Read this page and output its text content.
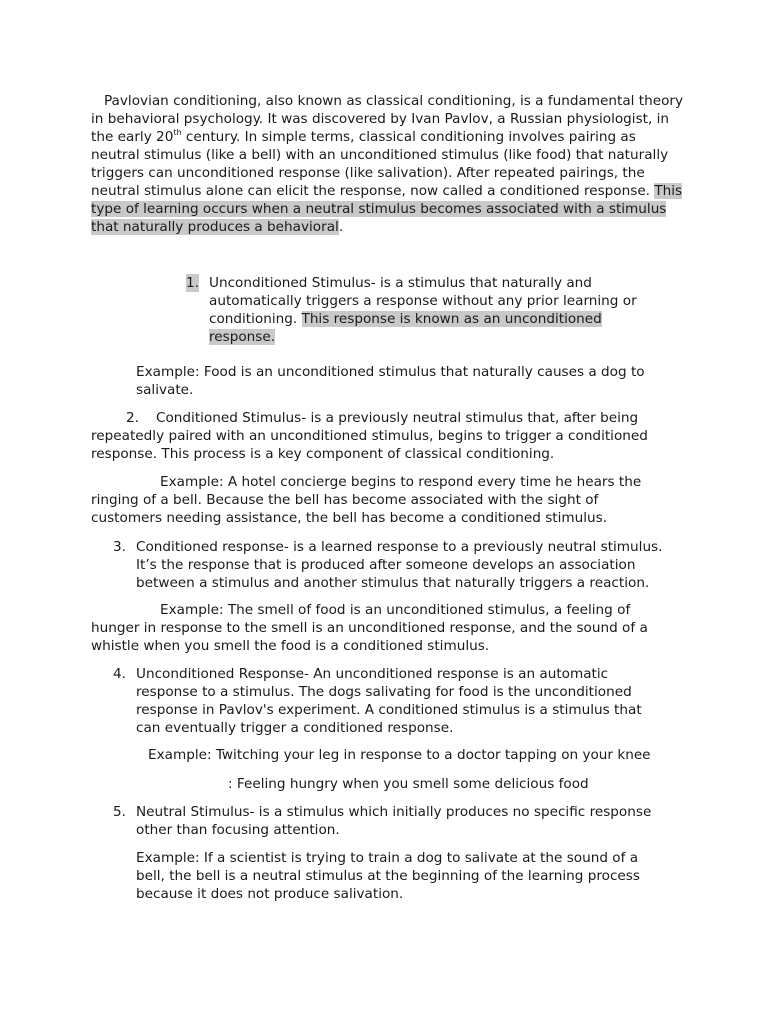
Pavlovian conditioning, also known as classical conditioning, is a fundamental theory in behavioral psychology. It was discovered by Ivan Pavlov, a Russian physiologist, in the early 20th century. In simple terms, classical conditioning involves pairing as neutral stimulus (like a bell) with an unconditioned stimulus (like food) that naturally triggers can unconditioned response (like salivation). After repeated pairings, the neutral stimulus alone can elicit the response, now called a conditioned response. This type of learning occurs when a neutral stimulus becomes associated with a stimulus that naturally produces a behavioral.

1. Unconditioned Stimulus- is a stimulus that naturally and automatically triggers a response without any prior learning or conditioning. This response is known as an unconditioned response.

Example: Food is an unconditioned stimulus that naturally causes a dog to salivate.

2.	Conditioned Stimulus- is a previously neutral stimulus that, after being repeatedly paired with an unconditioned stimulus, begins to trigger a conditioned response. This process is a key component of classical conditioning.

Example: A hotel concierge begins to respond every time he hears the ringing of a bell. Because the bell has become associated with the sight of customers needing assistance, the bell has become a conditioned stimulus.

3. Conditioned response- is a learned response to a previously neutral stimulus. It’s the response that is produced after someone develops an association between a stimulus and another stimulus that naturally triggers a reaction.

Example: The smell of food is an unconditioned stimulus, a feeling of hunger in response to the smell is an unconditioned response, and the sound of a whistle when you smell the food is a conditioned stimulus.

4. Unconditioned Response- An unconditioned response is an automatic response to a stimulus. The dogs salivating for food is the unconditioned response in Pavlov's experiment. A conditioned stimulus is a stimulus that can eventually trigger a conditioned response.

Example: Twitching your leg in response to a doctor tapping on your knee

: Feeling hungry when you smell some delicious food

5. Neutral Stimulus- is a stimulus which initially produces no specific response other than focusing attention.

Example: If a scientist is trying to train a dog to salivate at the sound of a bell, the bell is a neutral stimulus at the beginning of the learning process because it does not produce salivation.
